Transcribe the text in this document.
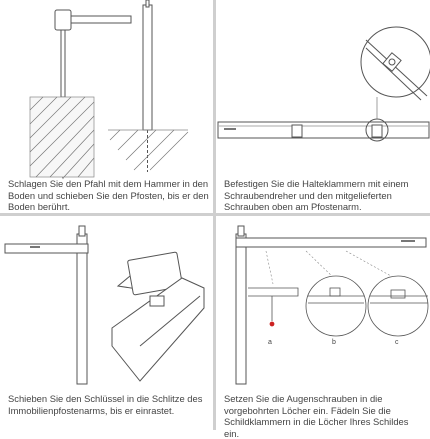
Schlagen Sie den Pfahl mit dem Hammer in den Boden und schieben Sie den Pfosten, bis er den Boden berührt.
Befestigen Sie die Halteklammern mit einem Schraubendreher und den mitgelieferten Schrauben oben am Pfostenarm.
Schieben Sie den Schlüssel in die Schlitze des Immobilienpfostenarms, bis er einrastet.
a	b	c
Setzen Sie die Augenschrauben in die vorgebohrten Löcher ein. Fädeln Sie die Schildklammern in die Löcher Ihres Schildes ein.
